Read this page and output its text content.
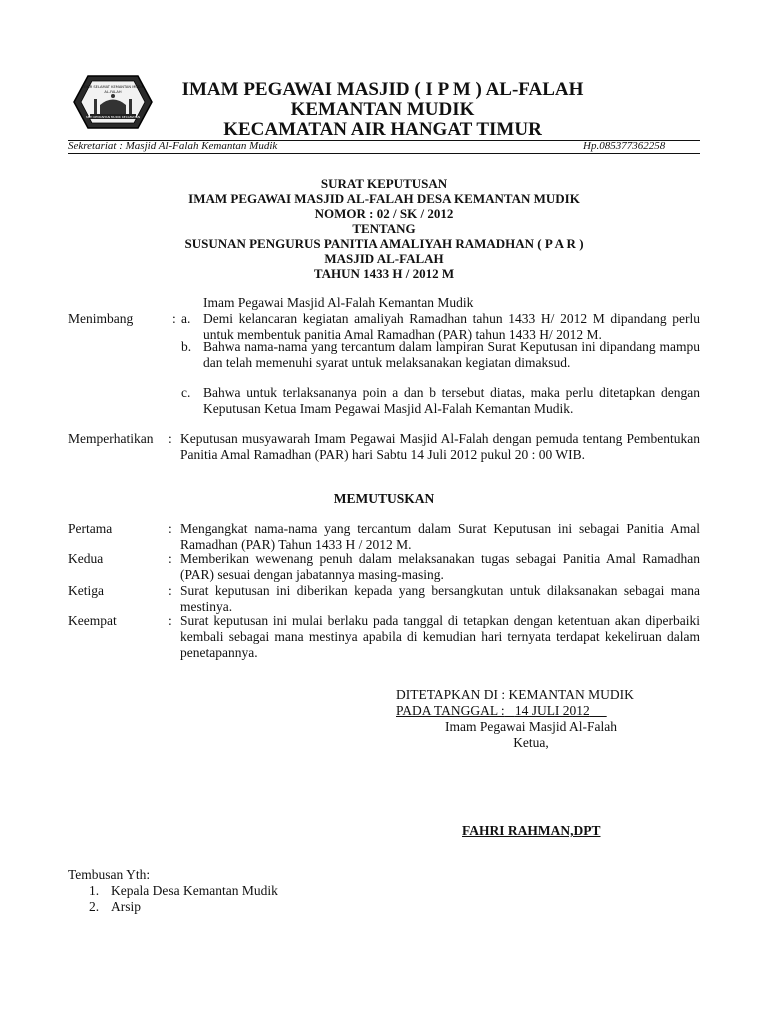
TEKIR SELAMAT KEMANTAN MUDIK
AL-FALAH
SETI KEMANTAN MUDIK KECAMATAN
IMAM PEGAWAI MASJID ( I P M ) AL-FALAH
KEMANTAN MUDIK
KECAMATAN AIR HANGAT TIMUR
Sekretariat : Masjid Al-Falah Kemantan Mudik	Hp.085377362258
SURAT KEPUTUSAN
IMAM PEGAWAI MASJID AL-FALAH DESA KEMANTAN MUDIK
NOMOR : 02 / SK / 2012
TENTANG
SUSUNAN PENGURUS PANITIA AMALIYAH RAMADHAN ( P A R )
MASJID AL-FALAH
TAHUN 1433 H / 2012 M
Imam Pegawai Masjid Al-Falah Kemantan Mudik
Menimbang	: a. Demi kelancaran kegiatan amaliyah Ramadhan tahun 1433 H/ 2012 M dipandang perlu untuk membentuk panitia Amal Ramadhan (PAR) tahun 1433 H/ 2012 M.
b. Bahwa nama-nama yang tercantum dalam lampiran Surat Keputusan ini dipandang mampu dan telah memenuhi syarat untuk melaksanakan kegiatan dimaksud.
c. Bahwa untuk terlaksananya poin a dan b tersebut diatas, maka perlu ditetapkan dengan Keputusan Ketua Imam Pegawai Masjid Al-Falah Kemantan Mudik.
Memperhatikan : Keputusan musyawarah Imam Pegawai Masjid Al-Falah dengan pemuda tentang Pembentukan Panitia Amal Ramadhan (PAR) hari Sabtu 14 Juli 2012 pukul 20 : 00 WIB.
MEMUTUSKAN
Pertama	: Mengangkat nama-nama yang tercantum dalam Surat Keputusan ini sebagai Panitia Amal Ramadhan (PAR) Tahun 1433 H / 2012 M.
Kedua	: Memberikan wewenang penuh dalam melaksanakan tugas sebagai Panitia Amal Ramadhan (PAR) sesuai dengan jabatannya masing-masing.
Ketiga	: Surat keputusan ini diberikan kepada yang bersangkutan untuk dilaksanakan sebagai mana mestinya.
Keempat	: Surat keputusan ini mulai berlaku pada tanggal di tetapkan dengan ketentuan akan diperbaiki kembali sebagai mana mestinya apabila di kemudian hari ternyata terdapat kekeliruan dalam penetapannya.
DITETAPKAN DI : KEMANTAN MUDIK
PADA TANGGAL : 14 JULI 2012
Imam Pegawai Masjid Al-Falah
Ketua,
FAHRI RAHMAN,DPT
Tembusan Yth:
1. Kepala Desa Kemantan Mudik
2. Arsip
